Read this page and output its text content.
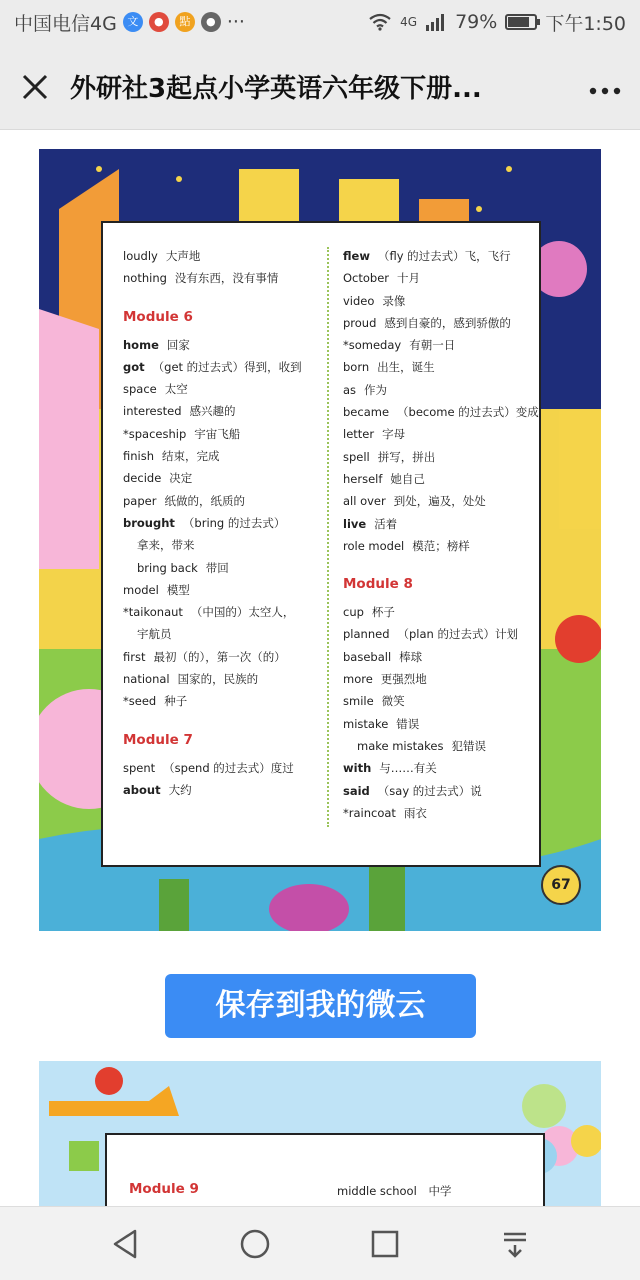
中国电信4G 文	●	點	● ···	4G 79%	下午1:50
外研社3起点小学英语六年级下册...
loudly 大声地
nothing 没有东西，没有事情
Module 6
home 回家
got （get 的过去式）得到，收到
space 太空
interested 感兴趣的
*spaceship 宇宙飞船
finish 结束，完成
decide 决定
paper 纸做的，纸质的
brought （bring 的过去式）
拿来，带来
bring back 带回
model 模型
*taikonaut （中国的）太空人，
宇航员
first 最初（的），第一次（的）
national 国家的，民族的
*seed 种子
Module 7
spent （spend 的过去式）度过
about 大约
flew （fly 的过去式）飞，飞行
October 十月
video 录像
proud 感到自豪的，感到骄傲的
*someday 有朝一日
born 出生，诞生
as 作为
became （become 的过去式）变成
letter 字母
spell 拼写，拼出
herself 她自己
all over 到处，遍及，处处
live 活着
role model 模范；榜样
Module 8
cup 杯子
planned （plan 的过去式）计划
baseball 棒球
more 更强烈地
smile 微笑
mistake 错误
make mistakes 犯错误
with 与……有关
said （say 的过去式）说
*raincoat 雨衣
67
保存到我的微云
Module 9	middle school 中学
